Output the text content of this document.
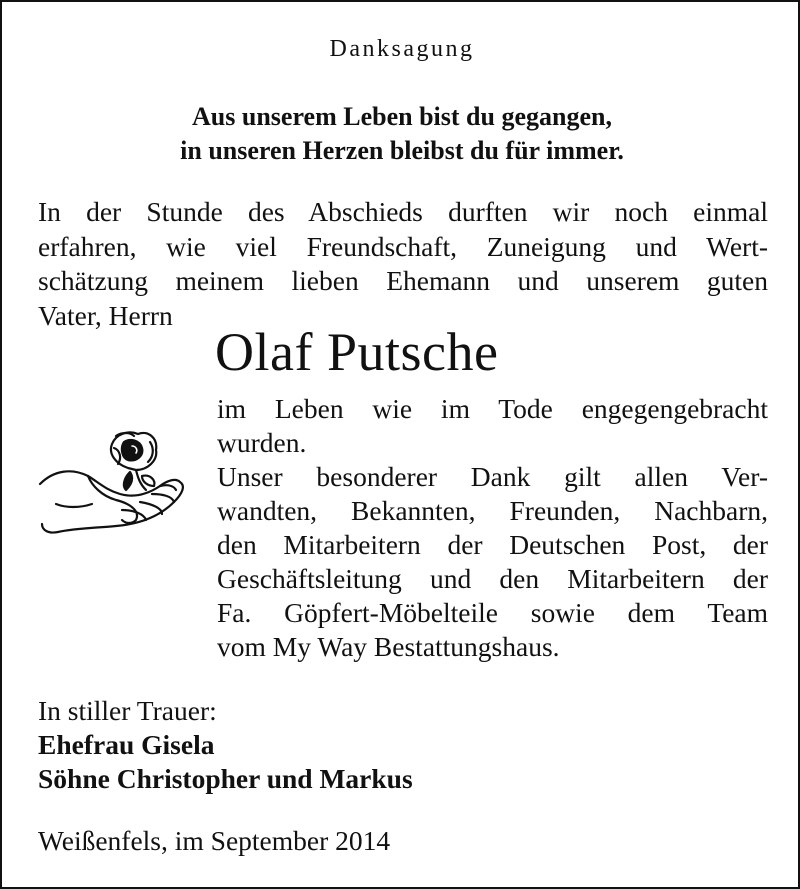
Danksagung
Aus unserem Leben bist du gegangen,
in unseren Herzen bleibst du für immer.
In der Stunde des Abschieds durften wir noch einmal
erfahren, wie viel Freundschaft, Zuneigung und Wert-
schätzung meinem lieben Ehemann und unserem guten
Vater, Herrn
Olaf Putsche
im Leben wie im Tode engegengebracht
wurden.
Unser besonderer Dank gilt allen Ver-
wandten, Bekannten, Freunden, Nachbarn,
den Mitarbeitern der Deutschen Post, der
Geschäftsleitung und den Mitarbeitern der
Fa. Göpfert-Möbelteile sowie dem Team
vom My Way Bestattungshaus.
In stiller Trauer:
Ehefrau Gisela
Söhne Christopher und Markus
Weißenfels, im September 2014
